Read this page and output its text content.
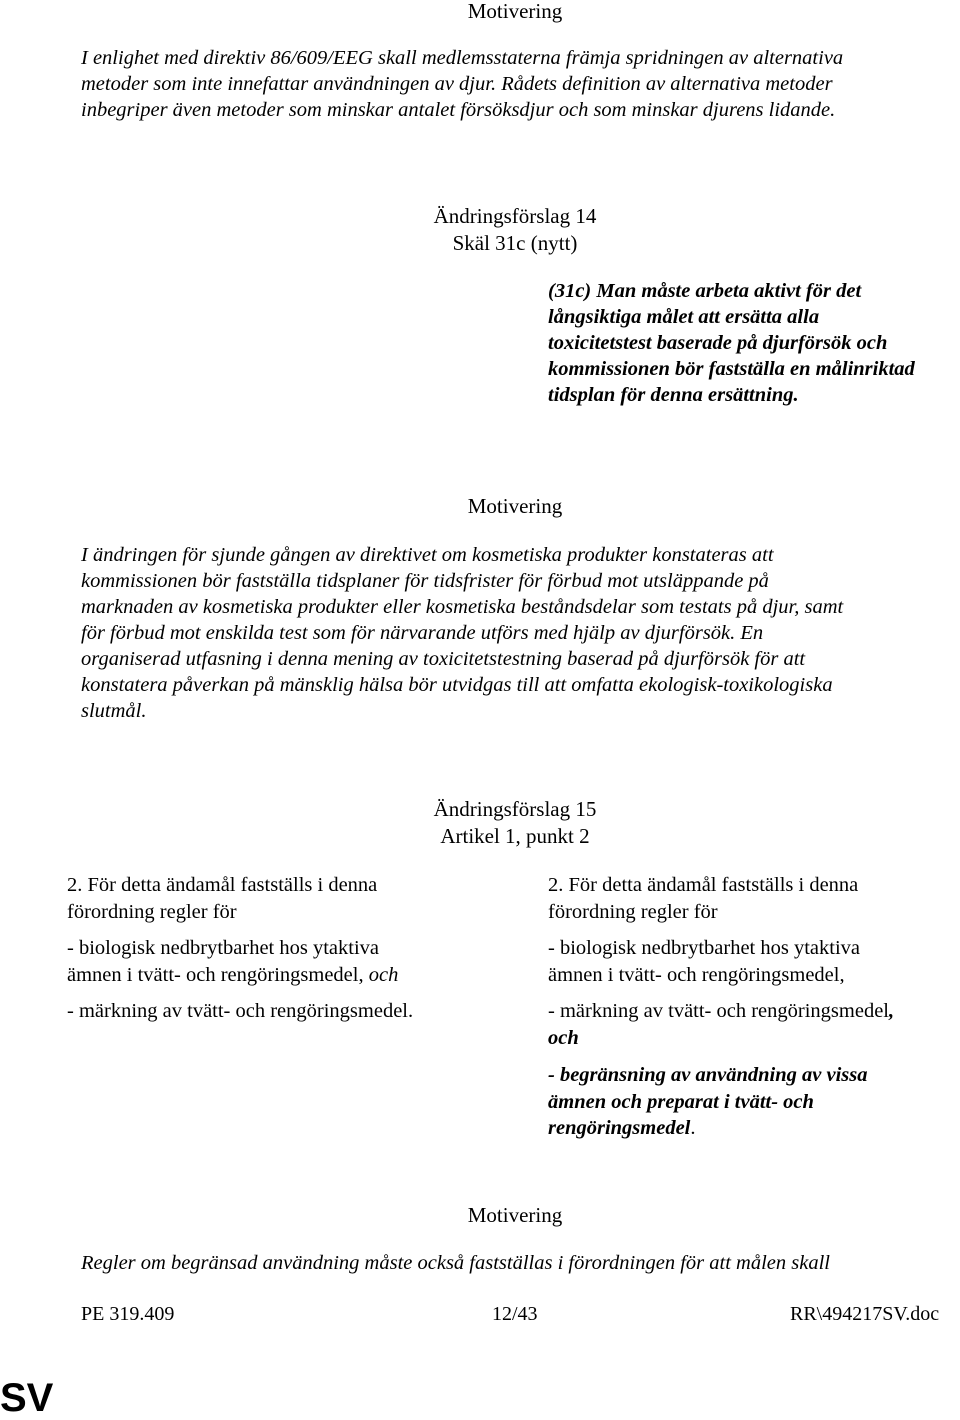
Motivering
I enlighet med direktiv 86/609/EEG skall medlemsstaterna främja spridningen av alternativa
metoder som inte innefattar användningen av djur. Rådets definition av alternativa metoder
inbegriper även metoder som minskar antalet försöksdjur och som minskar djurens lidande.
Ändringsförslag 14
Skäl 31c (nytt)
(31c) Man måste arbeta aktivt för det
långsiktiga målet att ersätta alla
toxicitetstest baserade på djurförsök och
kommissionen bör fastställa en målinriktad
tidsplan för denna ersättning.
Motivering
I ändringen för sjunde gången av direktivet om kosmetiska produkter konstateras att
kommissionen bör fastställa tidsplaner för tidsfrister för förbud mot utsläppande på
marknaden av kosmetiska produkter eller kosmetiska beståndsdelar som testats på djur, samt
för förbud mot enskilda test som för närvarande utförs med hjälp av djurförsök. En
organiserad utfasning i denna mening av toxicitetstestning baserad på djurförsök för att
konstatera påverkan på mänsklig hälsa bör utvidgas till att omfatta ekologisk-toxikologiska
slutmål.
Ändringsförslag 15
Artikel 1, punkt 2
2. För detta ändamål fastställs i denna
förordning regler för
- biologisk nedbrytbarhet hos ytaktiva
ämnen i tvätt- och rengöringsmedel, och
- märkning av tvätt- och rengöringsmedel.
2. För detta ändamål fastställs i denna
förordning regler för
- biologisk nedbrytbarhet hos ytaktiva
ämnen i tvätt- och rengöringsmedel,
- märkning av tvätt- och rengöringsmedel,
och
- begränsning av användning av vissa
ämnen och preparat i tvätt- och
rengöringsmedel.
Motivering
Regler om begränsad användning måste också fastställas i förordningen för att målen skall
PE 319.409	12/43	RR\494217SV.doc
SV
